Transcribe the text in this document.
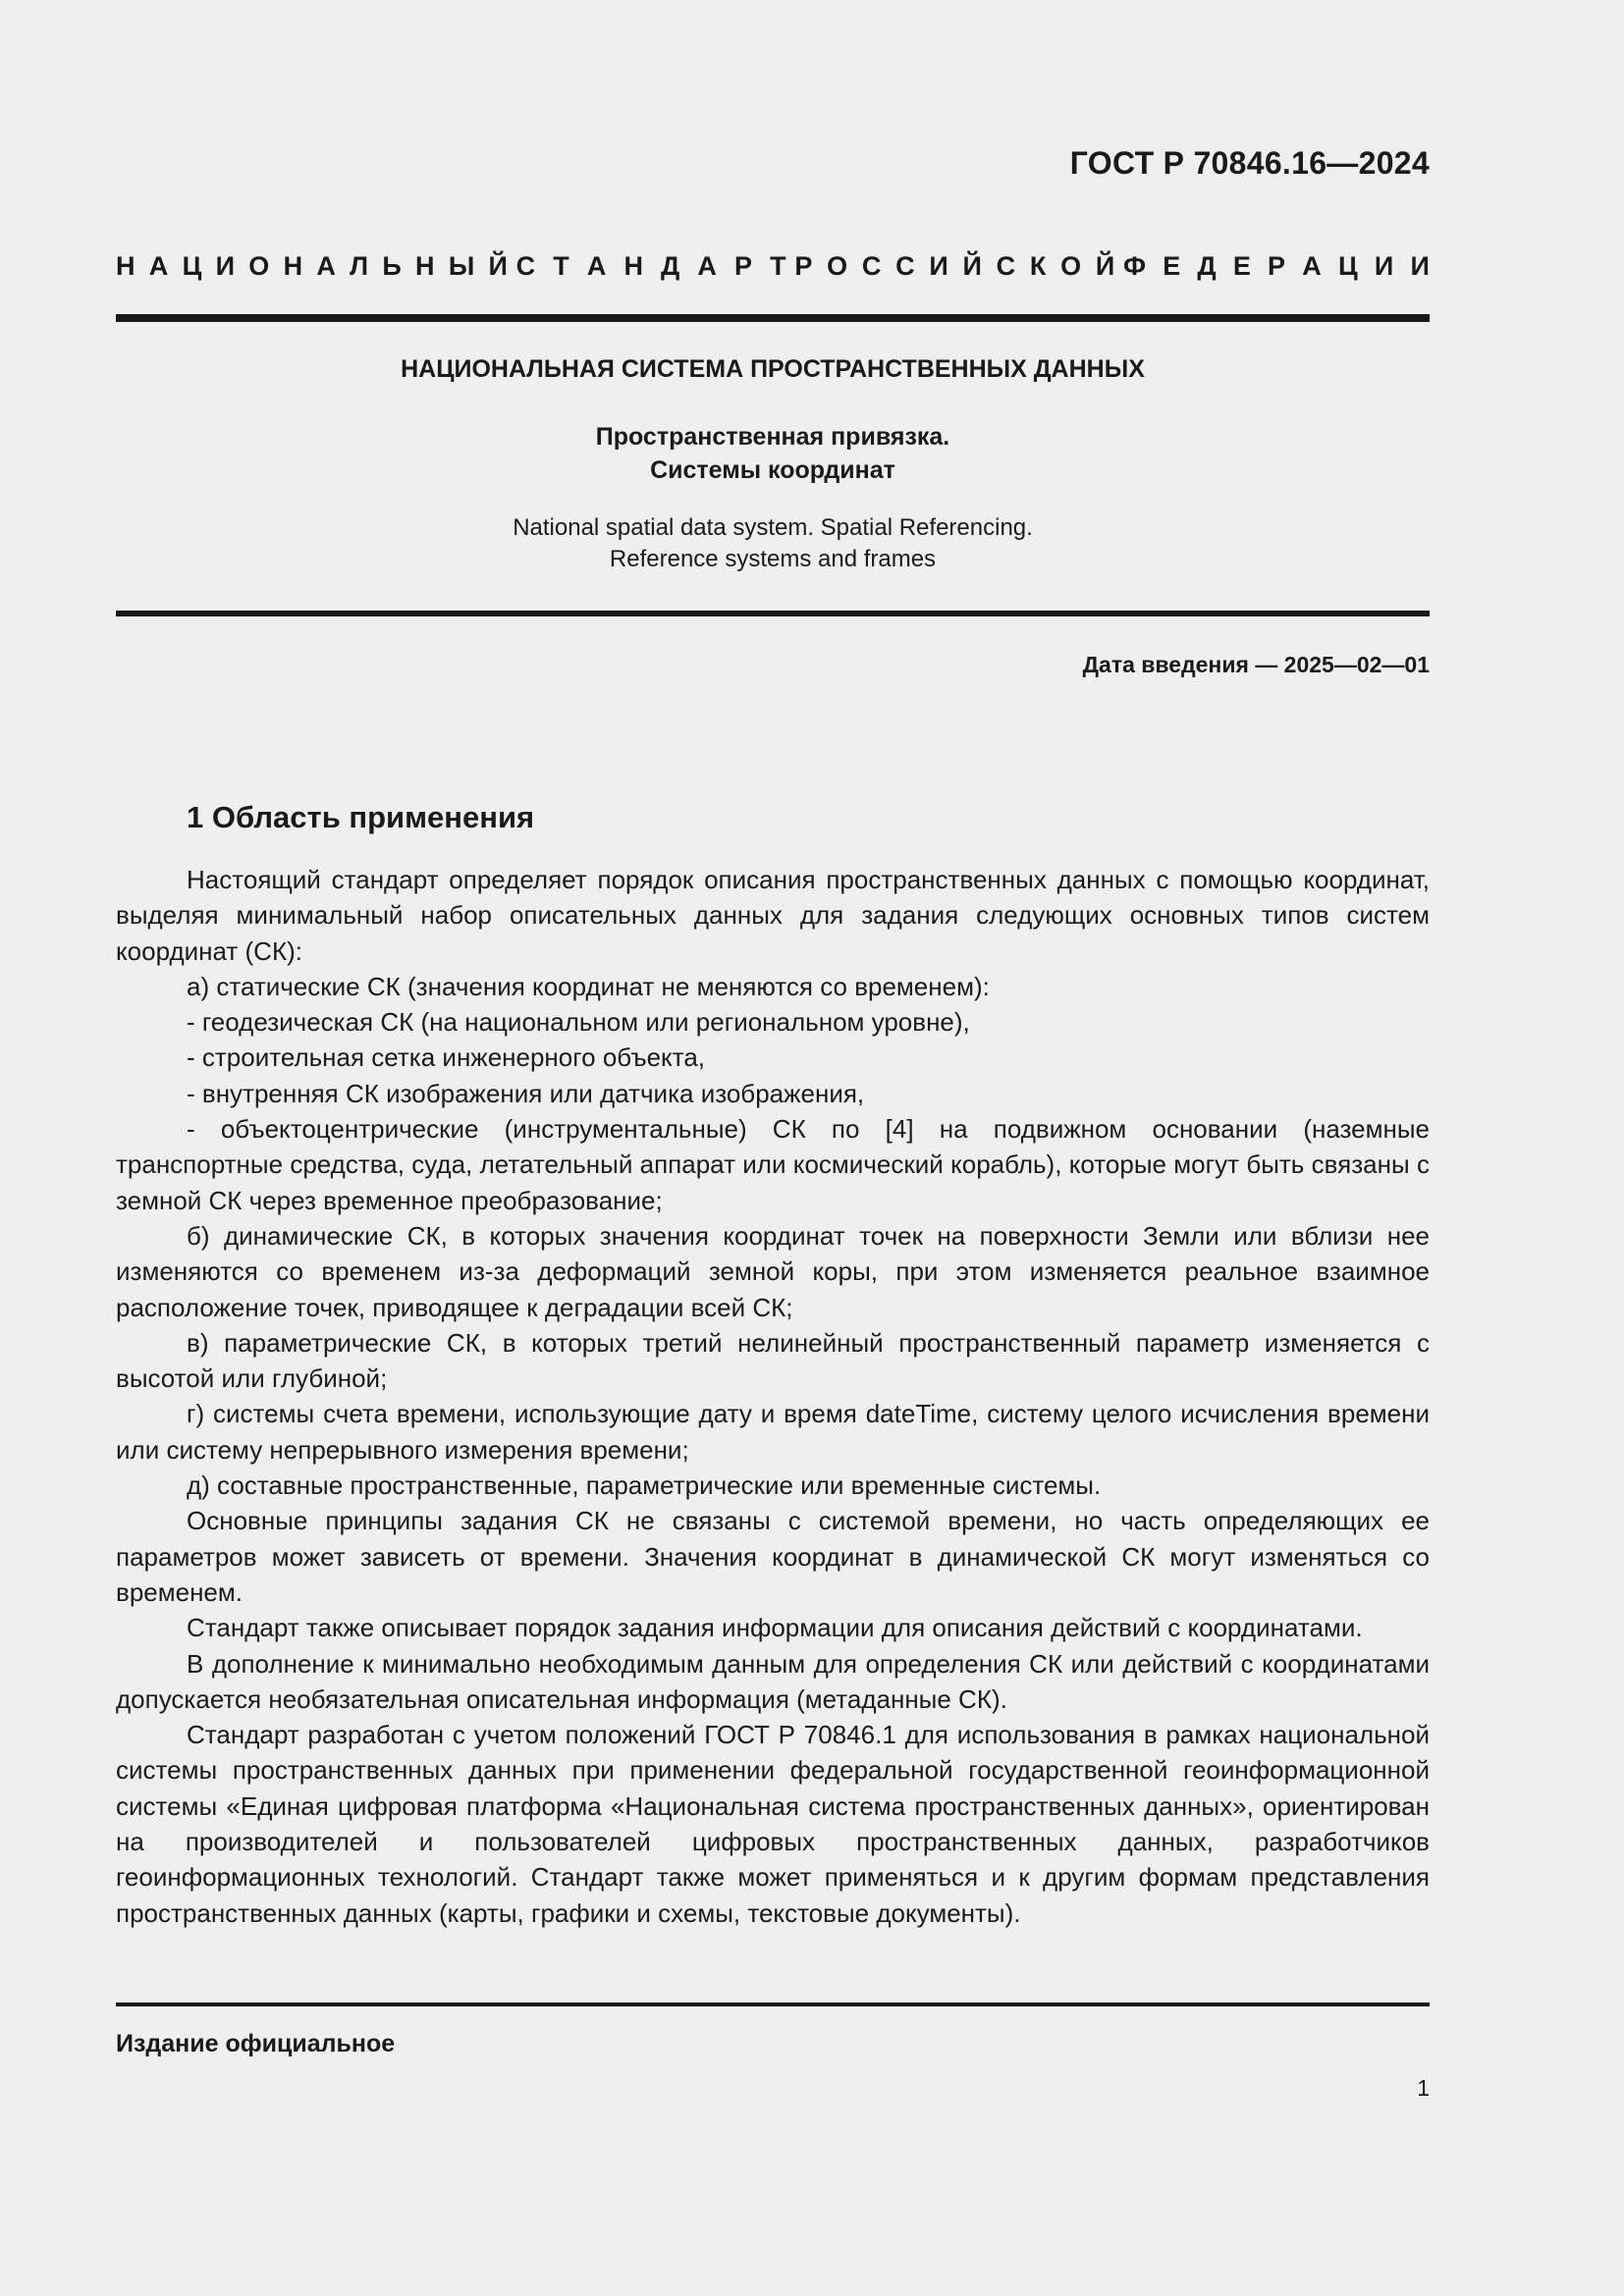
ГОСТ Р 70846.16—2024
Н А Ц И О Н А Л Ь Н Ы Й С Т А Н Д А Р Т Р О С С И Й С К О Й Ф Е Д Е Р А Ц И И
НАЦИОНАЛЬНАЯ СИСТЕМА ПРОСТРАНСТВЕННЫХ ДАННЫХ
Пространственная привязка.
Системы координат
National spatial data system. Spatial Referencing.
Reference systems and frames
Дата введения — 2025—02—01
1 Область применения

Настоящий стандарт определяет порядок описания пространственных данных с помощью координат, выделяя минимальный набор описательных данных для задания следующих основных типов систем координат (СК):

а) статические СК (значения координат не меняются со временем):

- геодезическая СК (на национальном или региональном уровне),

- строительная сетка инженерного объекта,

- внутренняя СК изображения или датчика изображения,

- объектоцентрические (инструментальные) СК по [4] на подвижном основании (наземные транспортные средства, суда, летательный аппарат или космический корабль), которые могут быть связаны с земной СК через временное преобразование;

б) динамические СК, в которых значения координат точек на поверхности Земли или вблизи нее изменяются со временем из-за деформаций земной коры, при этом изменяется реальное взаимное расположение точек, приводящее к деградации всей СК;

в) параметрические СК, в которых третий нелинейный пространственный параметр изменяется с высотой или глубиной;

г) системы счета времени, использующие дату и время dateTime, систему целого исчисления времени или систему непрерывного измерения времени;

д) составные пространственные, параметрические или временные системы.

Основные принципы задания СК не связаны с системой времени, но часть определяющих ее параметров может зависеть от времени. Значения координат в динамической СК могут изменяться со временем.

Стандарт также описывает порядок задания информации для описания действий с координатами.

В дополнение к минимально необходимым данным для определения СК или действий с координатами допускается необязательная описательная информация (метаданные СК).

Стандарт разработан с учетом положений ГОСТ Р 70846.1 для использования в рамках национальной системы пространственных данных при применении федеральной государственной геоинформационной системы «Единая цифровая платформа «Национальная система пространственных данных», ориентирован на производителей и пользователей цифровых пространственных данных, разработчиков геоинформационных технологий. Стандарт также может применяться и к другим формам представления пространственных данных (карты, графики и схемы, текстовые документы).

Издание официальное
1
